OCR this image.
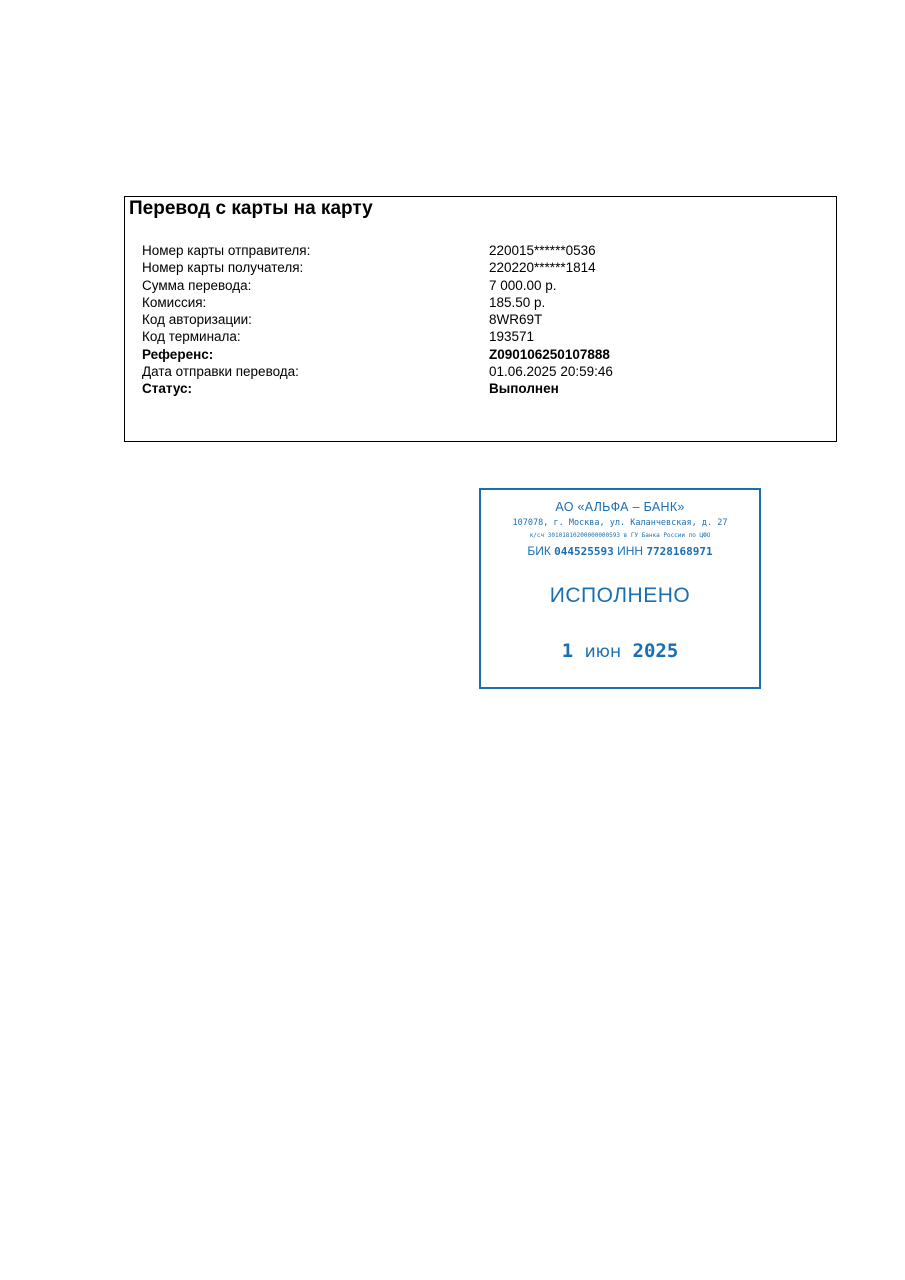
Перевод с карты на карту
Номер карты отправителя:	220015******0536
Номер карты получателя:	220220******1814
Сумма перевода:	7 000.00 р.
Комиссия:	185.50 р.
Код авторизации:	8WR69T
Код терминала:	193571
Референс:	Z090106250107888
Дата отправки перевода:	01.06.2025 20:59:46
Статус:	Выполнен
АО «АЛЬФА – БАНК»
107078, г. Москва, ул. Каланчевская, д. 27
к/сч 30101810200000000593 в ГУ Банка России по ЦФО
БИК 044525593 ИНН 7728168971
ИСПОЛНЕНО
1 июн 2025
